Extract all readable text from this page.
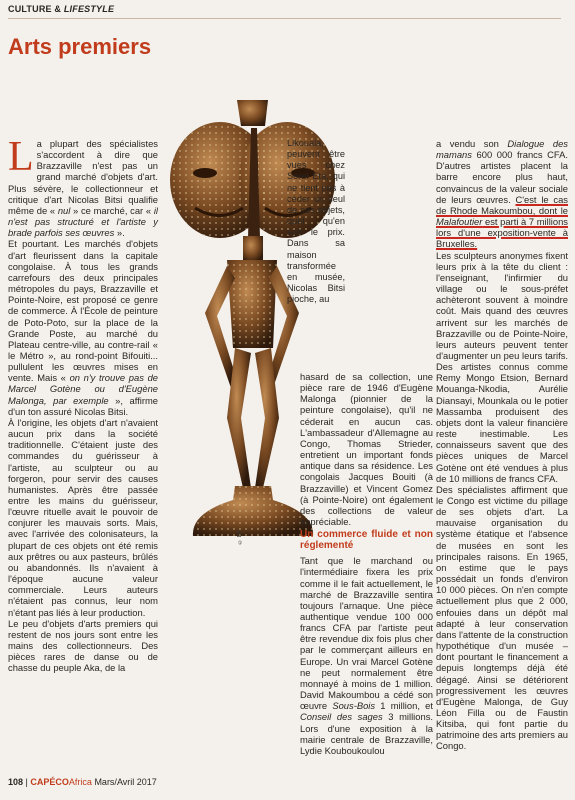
CULTURE & LIFESTYLE
Arts premiers
© DR

La plupart des spécialistes s'accordent à dire que Brazzaville n'est pas un grand marché d'objets d'art. Plus sévère, le collectionneur et critique d'art Nicolas Bitsi qualifie même de « nul » ce marché, car « il n'est pas structuré et l'artiste y brade parfois ses œuvres ».

Et pourtant. Les marchés d'objets d'art fleurissent dans la capitale congolaise. À tous les grands carrefours des deux principales métropoles du pays, Brazzaville et Pointe-Noire, est proposé ce genre de commerce. À l'École de peinture de Poto-Poto, sur la place de la Grande Poste, au marché du Plateau centre-ville, au contre-rail « le Métro », au rond-point Bifouiti... pullulent les œuvres mises en vente. Mais « on n'y trouve pas de Marcel Gotène ou d'Eugène Malonga, par exemple », affirme d'un ton assuré Nicolas Bitsi.

À l'origine, les objets d'art n'avaient aucun prix dans la société traditionnelle. C'étaient juste des commandes du guérisseur à l'artiste, au sculpteur ou au forgeron, pour servir des causes humanistes. Après être passée entre les mains du guérisseur, l'œuvre rituelle avait le pouvoir de conjurer les mauvais sorts. Mais, avec l'arrivée des colonisateurs, la plupart de ces objets ont été remis aux prêtres ou aux pasteurs, brûlés ou abandonnés. Ils n'avaient à l'époque aucune valeur commerciale. Leurs auteurs n'étaient pas connus, leur nom n'étant pas liés à leur production.

Le peu d'objets d'arts premiers qui restent de nos jours sont entre les mains des collectionneurs. Des pièces rares de danse ou de chasse du peuple Aka, de la

Likouala, peuvent être vues chez Sorel Eta, qui ne tient pas à céder un seul de ces objets, quel qu'en soit le prix. Dans sa maison transformée en musée, Nicolas Bitsi pioche, au

hasard de sa collection, une pièce rare de 1946 d'Eugène Malonga (pionnier de la peinture congolaise), qu'il ne céderait en aucun cas. L'ambassadeur d'Allemagne au Congo, Thomas Strieder, entretient un important fonds antique dans sa résidence. Les congolais Jacques Bouiti (à Brazzaville) et Vincent Gomez (à Pointe-Noire) ont également des collections de valeur appréciable.

Un commerce fluide et non réglementé

Tant que le marchand ou l'intermédiaire fixera les prix comme il le fait actuellement, le marché de Brazzaville sentira toujours l'arnaque. Une pièce authentique vendue 100 000 francs CFA par l'artiste peut être revendue dix fois plus cher par le commerçant ailleurs en Europe. Un vrai Marcel Gotène ne peut normalement être monnayé à moins de 1 million. David Makoumbou a cédé son œuvre Sous-Bois 1 million, et Conseil des sages 3 millions. Lors d'une exposition à la mairie centrale de Brazzaville, Lydie Kouboukoulou

a vendu son Dialogue des mamans 600 000 francs CFA. D'autres artistes placent la barre encore plus haut, convaincus de la valeur sociale de leurs œuvres. C'est le cas de Rhode Makoumbou, dont le Malafoutier est parti à 7 millions lors d'une exposition-vente à Bruxelles.

Les sculpteurs anonymes fixent leurs prix à la tête du client : l'enseignant, l'infirmier du village ou le sous-préfet achèteront souvent à moindre coût. Mais quand des œuvres arrivent sur les marchés de Brazzaville ou de Pointe-Noire, leurs auteurs peuvent tenter d'augmenter un peu leurs tarifs. Des artistes connus comme Remy Mongo Etsion, Bernard Mouanga-Nkodia, Aurélie Diansayi, Mounkala ou le potier Massamba produisent des objets dont la valeur financière reste inestimable. Les connaisseurs savent que des pièces uniques de Marcel Gotène ont été vendues à plus de 10 millions de francs CFA.

Des spécialistes affirment que le Congo est victime du pillage de ses objets d'art. La mauvaise organisation du système étatique et l'absence de musées en sont les principales raisons. En 1965, on estime que le pays possédait un fonds d'environ 10 000 pièces. On n'en compte actuellement plus que 2 000, enfouies dans un dépôt mal adapté à leur conservation dans l'attente de la construction hypothétique d'un musée – dont pourtant le financement a depuis longtemps déjà été dégagé. Ainsi se détériorent progressivement les œuvres d'Eugène Malonga, de Guy Léon Filla ou de Faustin Kitsiba, qui font partie du patrimoine des arts premiers au Congo.

108 | CAPÉCOAfrica Mars/Avril 2017
